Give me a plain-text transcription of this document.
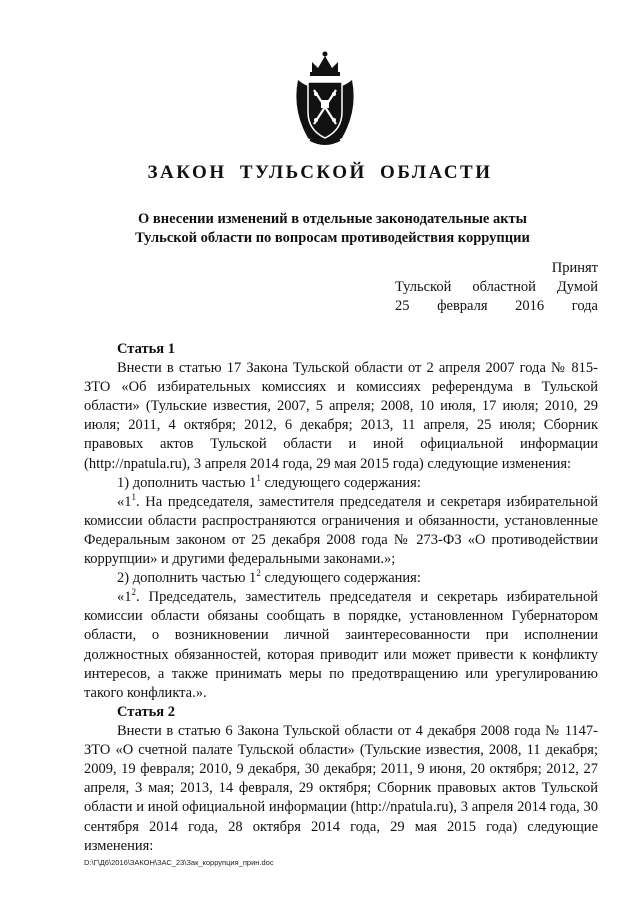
ЗАКОН ТУЛЬСКОЙ ОБЛАСТИ
О внесении изменений в отдельные законодательные акты
Тульской области по вопросам противодействия коррупции
Принят
Тульской областной Думой
25 февраля 2016 года
Статья 1

Внести в статью 17 Закона Тульской области от 2 апреля 2007 года № 815-ЗТО «Об избирательных комиссиях и комиссиях референдума в Тульской области» (Тульские известия, 2007, 5 апреля; 2008, 10 июля, 17 июля; 2010, 29 июля; 2011, 4 октября; 2012, 6 декабря; 2013, 11 апреля, 25 июля; Сборник правовых актов Тульской области и иной официальной информации (http://npatula.ru), 3 апреля 2014 года, 29 мая 2015 года) следующие изменения:

1) дополнить частью $1^1$ следующего содержания:

«$1^1$. На председателя, заместителя председателя и секретаря избирательной комиссии области распространяются ограничения и обязанности, установленные Федеральным законом от 25 декабря 2008 года № 273-ФЗ «О противодействии коррупции» и другими федеральными законами.»;

2) дополнить частью $1^2$ следующего содержания:

«$1^2$. Председатель, заместитель председателя и секретарь избирательной комиссии области обязаны сообщать в порядке, установленном Губернатором области, о возникновении личной заинтересованности при исполнении должностных обязанностей, которая приводит или может привести к конфликту интересов, а также принимать меры по предотвращению или урегулированию такого конфликта.».

Статья 2

Внести в статью 6 Закона Тульской области от 4 декабря 2008 года № 1147-ЗТО «О счетной палате Тульской области» (Тульские известия, 2008, 11 декабря; 2009, 19 февраля; 2010, 9 декабря, 30 декабря; 2011, 9 июня, 20 октября; 2012, 27 апреля, 3 мая; 2013, 14 февраля, 29 октября; Сборник правовых актов Тульской области и иной официальной информации (http://npatula.ru), 3 апреля 2014 года, 30 сентября 2014 года, 28 октября 2014 года, 29 мая 2015 года) следующие изменения:

D:\Г\Д6\2016\ЗАКОН\ЗАС_23\Зак_коррупция_прин.doc
